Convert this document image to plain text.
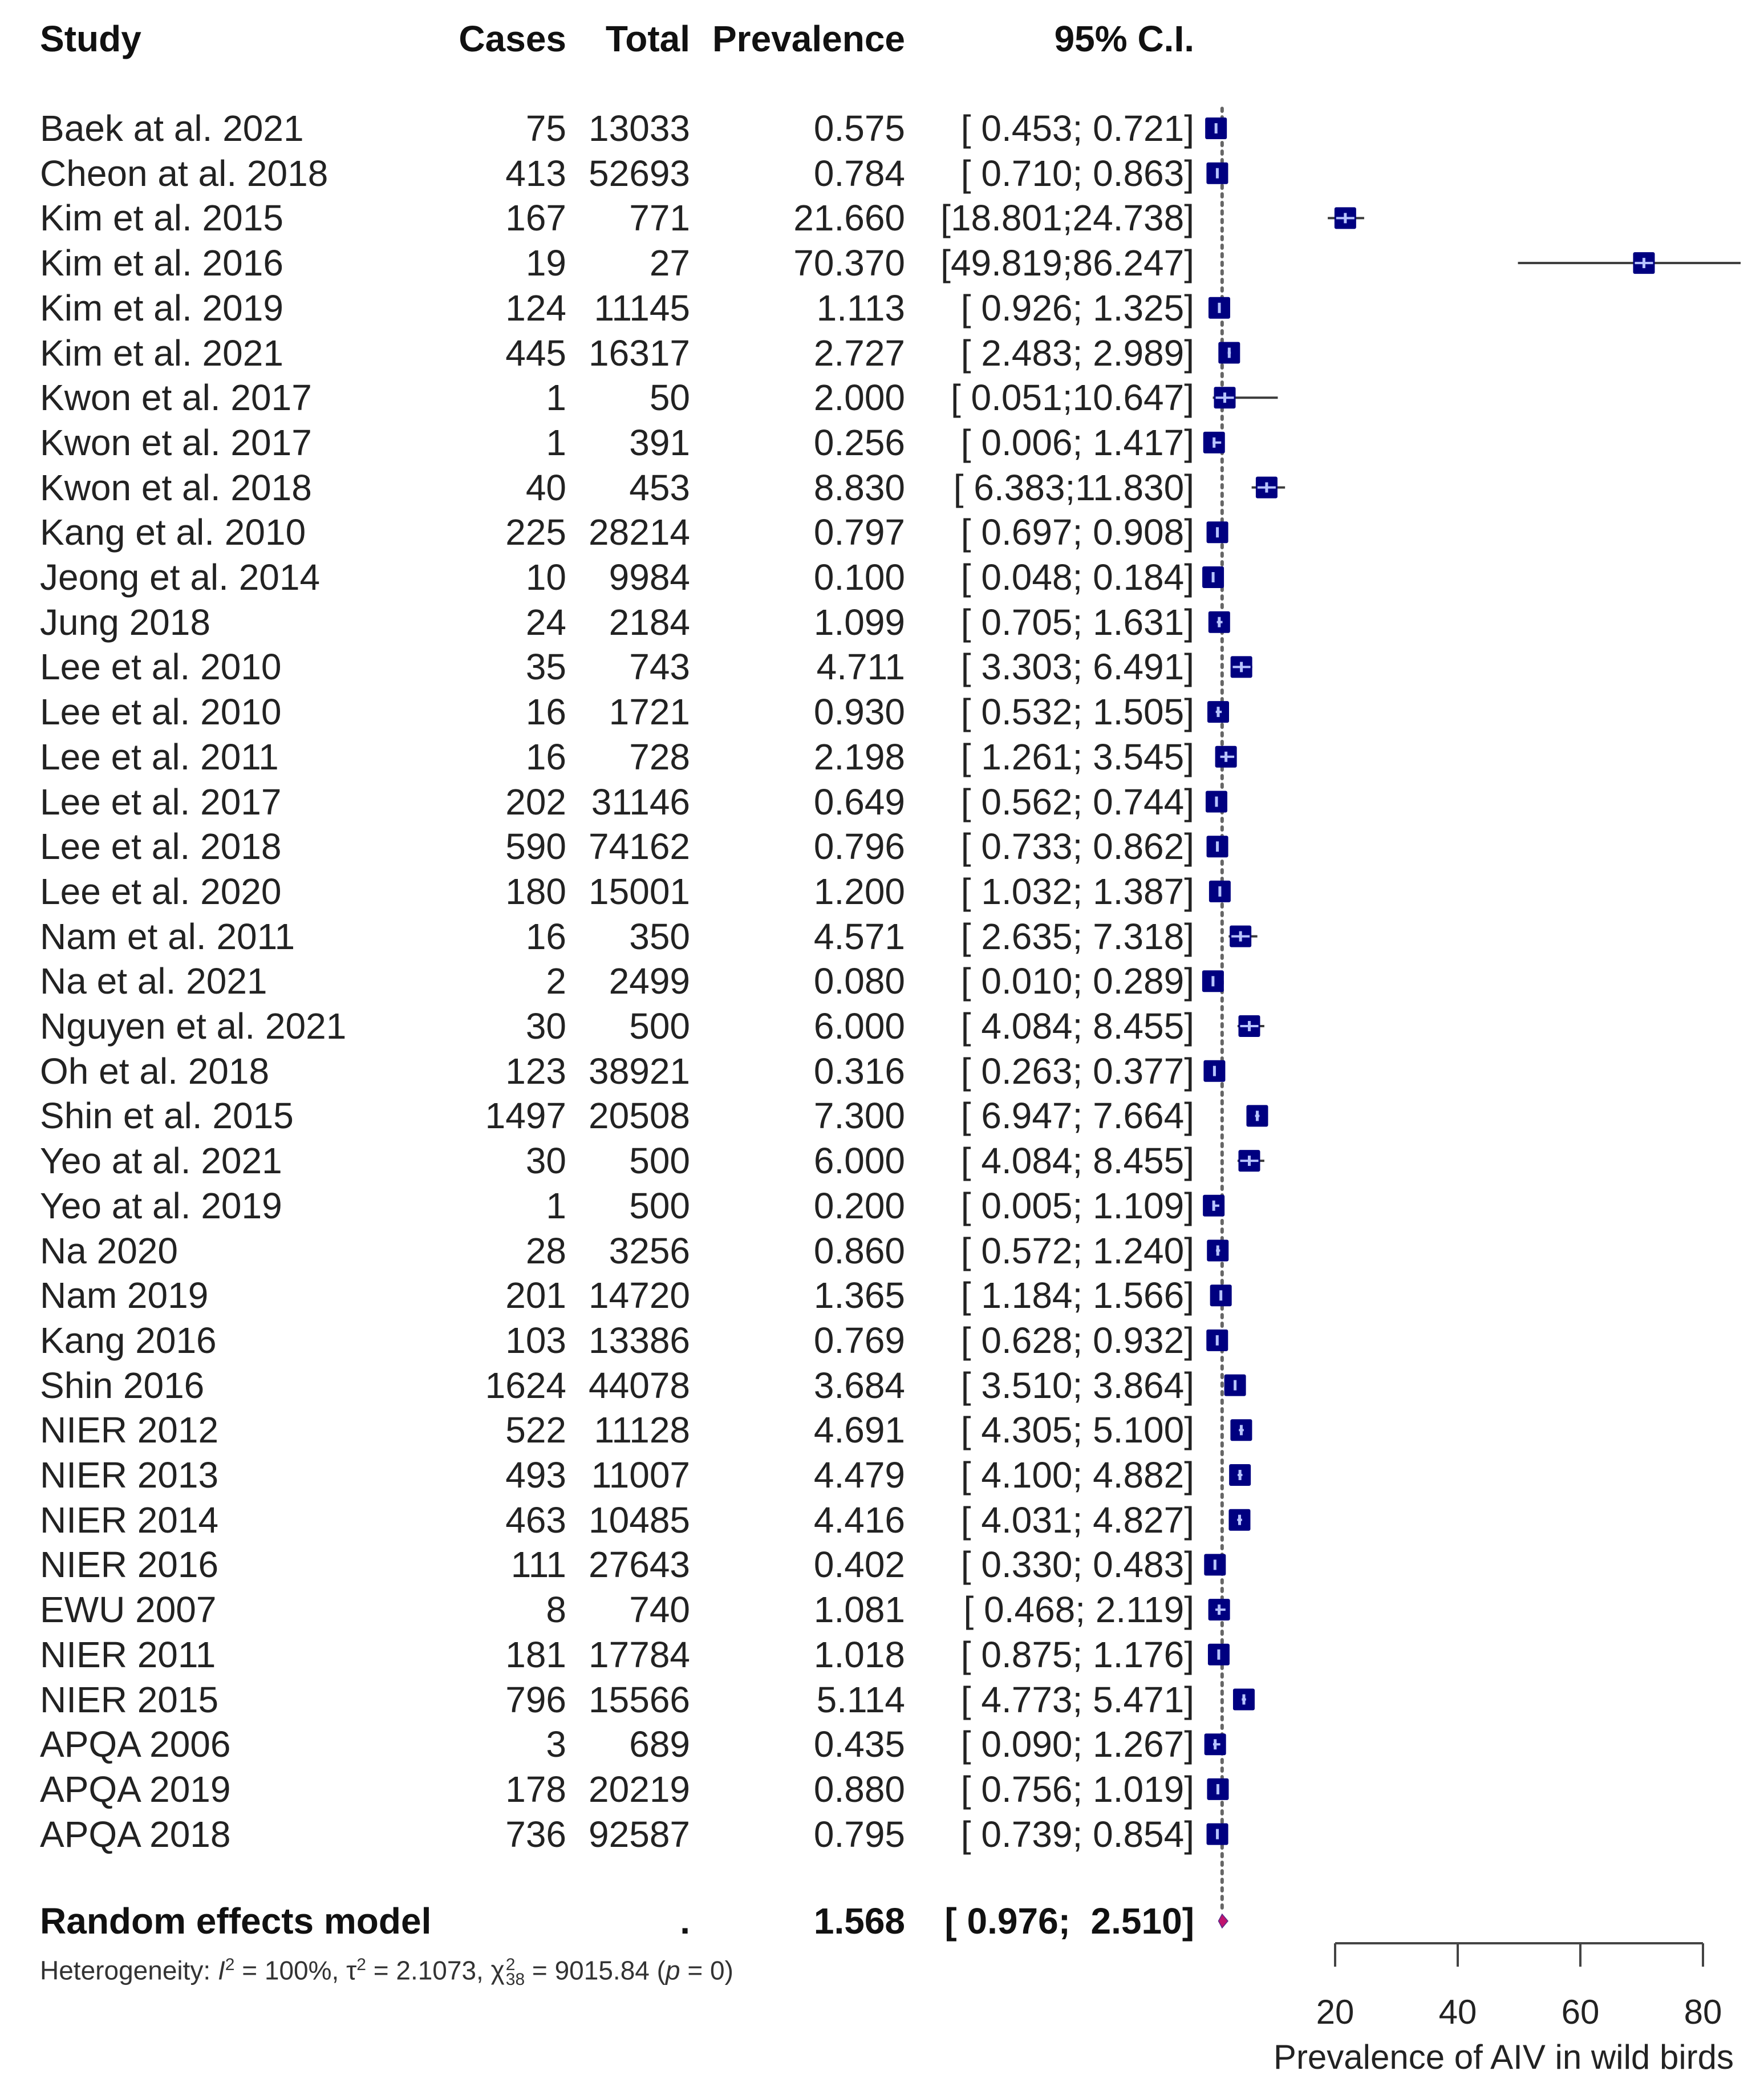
Study	Cases Total Prevalence	95% C.I.
Baek at al. 2021	75 13033	0.575 [ 0.453; 0.721]
Cheon at al. 2018	413 52693	0.784 [ 0.710; 0.863]
Kim et al. 2015	167 771	21.660 [18.801;24.738]
Kim et al. 2016	19 27	70.370 [49.819;86.247]
Kim et al. 2019	124 11145	1.113 [ 0.926; 1.325]
Kim et al. 2021	445 16317	2.727 [ 2.483; 2.989]
Kwon et al. 2017	1 50	2.000 [ 0.051;10.647]
Kwon et al. 2017	1 391	0.256 [ 0.006; 1.417]
Kwon et al. 2018	40 453	8.830 [ 6.383;11.830]
Kang et al. 2010	225 28214	0.797 [ 0.697; 0.908]
Jeong et al. 2014	10 9984	0.100 [ 0.048; 0.184]
Jung 2018	24 2184	1.099 [ 0.705; 1.631]
Lee et al. 2010	35 743	4.711 [ 3.303; 6.491]
Lee et al. 2010	16 1721	0.930 [ 0.532; 1.505]
Lee et al. 2011	16 728	2.198 [ 1.261; 3.545]
Lee et al. 2017	202 31146	0.649 [ 0.562; 0.744]
Lee et al. 2018	590 74162	0.796 [ 0.733; 0.862]
Lee et al. 2020	180 15001	1.200 [ 1.032; 1.387]
Nam et al. 2011	16 350	4.571 [ 2.635; 7.318]
Na et al. 2021	2 2499	0.080 [ 0.010; 0.289]
Nguyen et al. 2021	30 500	6.000 [ 4.084; 8.455]
Oh et al. 2018	123 38921	0.316 [ 0.263; 0.377]
Shin et al. 2015	1497 20508	7.300 [ 6.947; 7.664]
Yeo at al. 2021	30 500	6.000 [ 4.084; 8.455]
Yeo at al. 2019	1 500	0.200 [ 0.005; 1.109]
Na 2020	28 3256	0.860 [ 0.572; 1.240]
Nam 2019	201 14720	1.365 [ 1.184; 1.566]
Kang 2016	103 13386	0.769 [ 0.628; 0.932]
Shin 2016	1624 44078	3.684 [ 3.510; 3.864]
NIER 2012	522 11128	4.691 [ 4.305; 5.100]
NIER 2013	493 11007	4.479 [ 4.100; 4.882]
NIER 2014	463 10485	4.416 [ 4.031; 4.827]
NIER 2016	111 27643	0.402 [ 0.330; 0.483]
EWU 2007	8 740	1.081 [ 0.468; 2.119]
NIER 2011	181 17784	1.018 [ 0.875; 1.176]
NIER 2015	796 15566	5.114 [ 4.773; 5.471]
APQA 2006	3 689	0.435 [ 0.090; 1.267]
APQA 2019	178 20219	0.880 [ 0.756; 1.019]
APQA 2018	736 92587	0.795 [ 0.739; 0.854]
Random effects model	.	1.568 [ 0.976;  2.510]
Heterogeneity: $I^2 = 100\%$, $\tau^2 = 2.1073$, χ 2
38 = 9015.84 (p = 0)
20	40	60	80
Prevalence of AIV in wild birds
